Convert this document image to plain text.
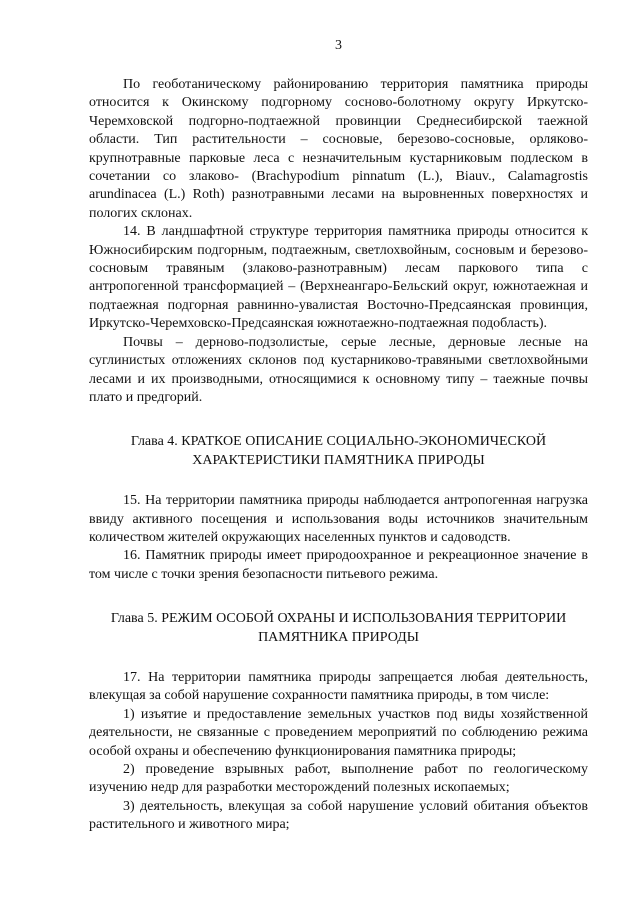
3

По геоботаническому районированию территория памятника природы относится к Окинскому подгорному сосново-болотному округу Иркутско-Черемховской подгорно-подтаежной провинции Среднесибирской таежной области. Тип растительности – сосновые, березово-сосновые, орляково-крупнотравные парковые леса с незначительным кустарниковым подлеском в сочетании со злаково- (Brachypodium pinnatum (L.), Biauv., Calamagrostis arundinacea (L.) Roth) разнотравными лесами на выровненных поверхностях и пологих склонах.

14. В ландшафтной структуре территория памятника природы относится к Южносибирским подгорным, подтаежным, светлохвойным, сосновым и березово-сосновым травяным (злаково-разнотравным) лесам паркового типа с антропогенной трансформацией – (Верхнеангаро-Бельский округ, южнотаежная и подтаежная подгорная равнинно-увалистая Восточно-Предсаянская провинция, Иркутско-Черемховско-Предсаянская южнотаежно-подтаежная подобласть).

Почвы – дерново-подзолистые, серые лесные, дерновые лесные на суглинистых отложениях склонов под кустарниково-травяными светлохвойными лесами и их производными, относящимися к основному типу – таежные почвы плато и предгорий.

Глава 4. КРАТКОЕ ОПИСАНИЕ СОЦИАЛЬНО-ЭКОНОМИЧЕСКОЙ
ХАРАКТЕРИСТИКИ ПАМЯТНИКА ПРИРОДЫ

15. На территории памятника природы наблюдается антропогенная нагрузка ввиду активного посещения и использования воды источников значительным количеством жителей окружающих населенных пунктов и садоводств.

16. Памятник природы имеет природоохранное и рекреационное значение в том числе с точки зрения безопасности питьевого режима.

Глава 5. РЕЖИМ ОСОБОЙ ОХРАНЫ И ИСПОЛЬЗОВАНИЯ ТЕРРИТОРИИ
ПАМЯТНИКА ПРИРОДЫ

17. На территории памятника природы запрещается любая деятельность, влекущая за собой нарушение сохранности памятника природы, в том числе:

1) изъятие и предоставление земельных участков под виды хозяйственной деятельности, не связанные с проведением мероприятий по соблюдению режима особой охраны и обеспечению функционирования памятника природы;

2) проведение взрывных работ, выполнение работ по геологическому изучению недр для разработки месторождений полезных ископаемых;

3) деятельность, влекущая за собой нарушение условий обитания объектов растительного и животного мира;
